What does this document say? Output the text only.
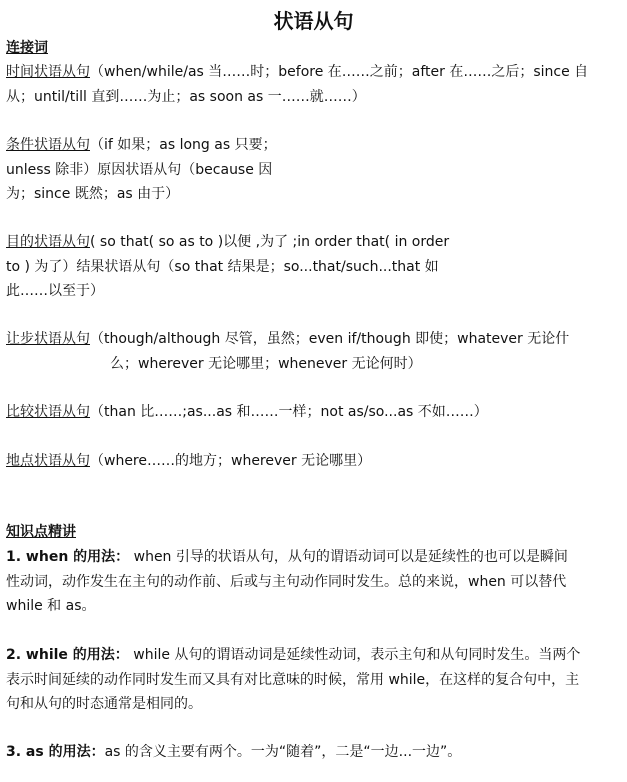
状语从句
连接词
时间状语从句（when/while/as 当……时；before 在……之前；after 在……之后；since 自
从；until/till 直到……为止；as soon as 一……就……）
条件状语从句（if 如果；as long as 只要；
unless 除非）原因状语从句（because 因
为；since 既然；as 由于）
目的状语从句( so that( so as to )以便 ,为了 ;in order that( in order
to ) 为了）结果状语从句（so that 结果是；so...that/such...that 如
此……以至于）
让步状语从句（though/although 尽管，虽然；even if/though 即使；whatever 无论什
么；wherever 无论哪里；whenever 无论何时）
比较状语从句（than 比……;as...as 和……一样；not as/so...as 不如……）
地点状语从句（where……的地方；wherever 无论哪里）
知识点精讲
1. when 的用法： when 引导的状语从句，从句的谓语动词可以是延续性的也可以是瞬间
性动词，动作发生在主句的动作前、后或与主句动作同时发生。总的来说，when 可以替代
while 和 as。
2. while 的用法： while 从句的谓语动词是延续性动词，表示主句和从句同时发生。当两个
表示时间延续的动作同时发生而又具有对比意味的时候，常用 while，在这样的复合句中，主
句和从句的时态通常是相同的。
3. as 的用法：as 的含义主要有两个。一为“随着”，二是“一边...一边”。
